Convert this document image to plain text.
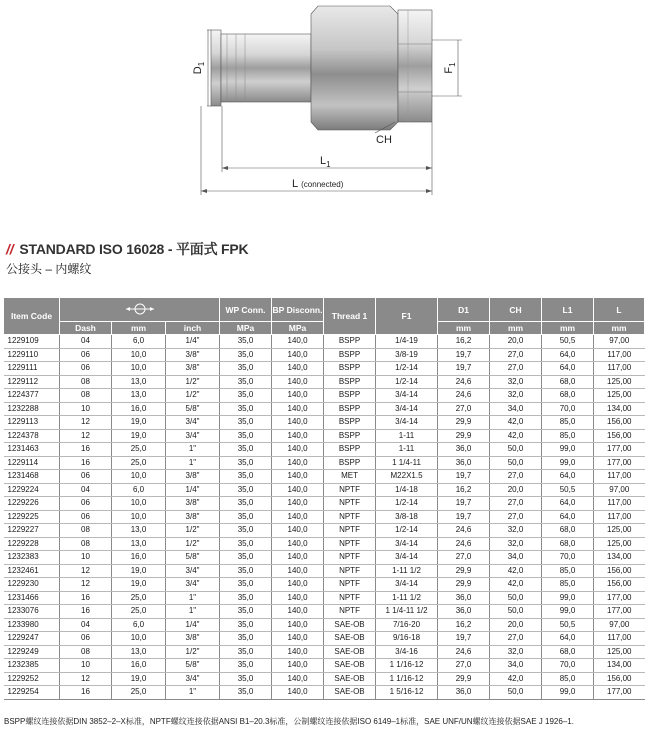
$D_1$
$F_1$
CH
$L_1$
L (connected)
// STANDARD ISO 16028 - 平面式 FPK
公接头 – 内螺纹
Item Code				WP Conn.	BP Disconn.	Thread 1	F1	D1	CH	L1	L
	Dash	mm	inch	MPa	MPa			mm	mm	mm	mm
1229109	04	6,0	1/4"	35,0	140,0	BSPP	1/4-19	16,2	20,0	50,5	97,00
1229110	06	10,0	3/8"	35,0	140,0	BSPP	3/8-19	19,7	27,0	64,0	117,00
1229111	06	10,0	3/8"	35,0	140,0	BSPP	1/2-14	19,7	27,0	64,0	117,00
1229112	08	13,0	1/2"	35,0	140,0	BSPP	1/2-14	24,6	32,0	68,0	125,00
1224377	08	13,0	1/2"	35,0	140,0	BSPP	3/4-14	24,6	32,0	68,0	125,00
1232288	10	16,0	5/8"	35,0	140,0	BSPP	3/4-14	27,0	34,0	70,0	134,00
1229113	12	19,0	3/4"	35,0	140,0	BSPP	3/4-14	29,9	42,0	85,0	156,00
1224378	12	19,0	3/4"	35,0	140,0	BSPP	1-11	29,9	42,0	85,0	156,00
1231463	16	25,0	1"	35,0	140,0	BSPP	1-11	36,0	50,0	99,0	177,00
1229114	16	25,0	1"	35,0	140,0	BSPP	1 1/4-11	36,0	50,0	99,0	177,00
1231468	06	10,0	3/8"	35,0	140,0	MET	M22X1.5	19,7	27,0	64,0	117,00
1229224	04	6,0	1/4"	35,0	140,0	NPTF	1/4-18	16,2	20,0	50,5	97,00
1229226	06	10,0	3/8"	35,0	140,0	NPTF	1/2-14	19,7	27,0	64,0	117,00
1229225	06	10,0	3/8"	35,0	140,0	NPTF	3/8-18	19,7	27,0	64,0	117,00
1229227	08	13,0	1/2"	35,0	140,0	NPTF	1/2-14	24,6	32,0	68,0	125,00
1229228	08	13,0	1/2"	35,0	140,0	NPTF	3/4-14	24,6	32,0	68,0	125,00
1232383	10	16,0	5/8"	35,0	140,0	NPTF	3/4-14	27,0	34,0	70,0	134,00
1232461	12	19,0	3/4"	35,0	140,0	NPTF	1-11 1/2	29,9	42,0	85,0	156,00
1229230	12	19,0	3/4"	35,0	140,0	NPTF	3/4-14	29,9	42,0	85,0	156,00
1231466	16	25,0	1"	35,0	140,0	NPTF	1-11 1/2	36,0	50,0	99,0	177,00
1233076	16	25,0	1"	35,0	140,0	NPTF	1 1/4-11 1/2	36,0	50,0	99,0	177,00
1233980	04	6,0	1/4"	35,0	140,0	SAE-OB	7/16-20	16,2	20,0	50,5	97,00
1229247	06	10,0	3/8"	35,0	140,0	SAE-OB	9/16-18	19,7	27,0	64,0	117,00
1229249	08	13,0	1/2"	35,0	140,0	SAE-OB	3/4-16	24,6	32,0	68,0	125,00
1232385	10	16,0	5/8"	35,0	140,0	SAE-OB	1 1/16-12	27,0	34,0	70,0	134,00
1229252	12	19,0	3/4"	35,0	140,0	SAE-OB	1 1/16-12	29,9	42,0	85,0	156,00
1229254	16	25,0	1"	35,0	140,0	SAE-OB	1 5/16-12	36,0	50,0	99,0	177,00
BSPP螺纹连接依据DIN 3852–2–X标准，NPTF螺纹连接依据ANSI B1–20.3标准，公制螺纹连接依据ISO 6149–1标准，SAE UNF/UN螺纹连接依据SAE J 1926–1.
